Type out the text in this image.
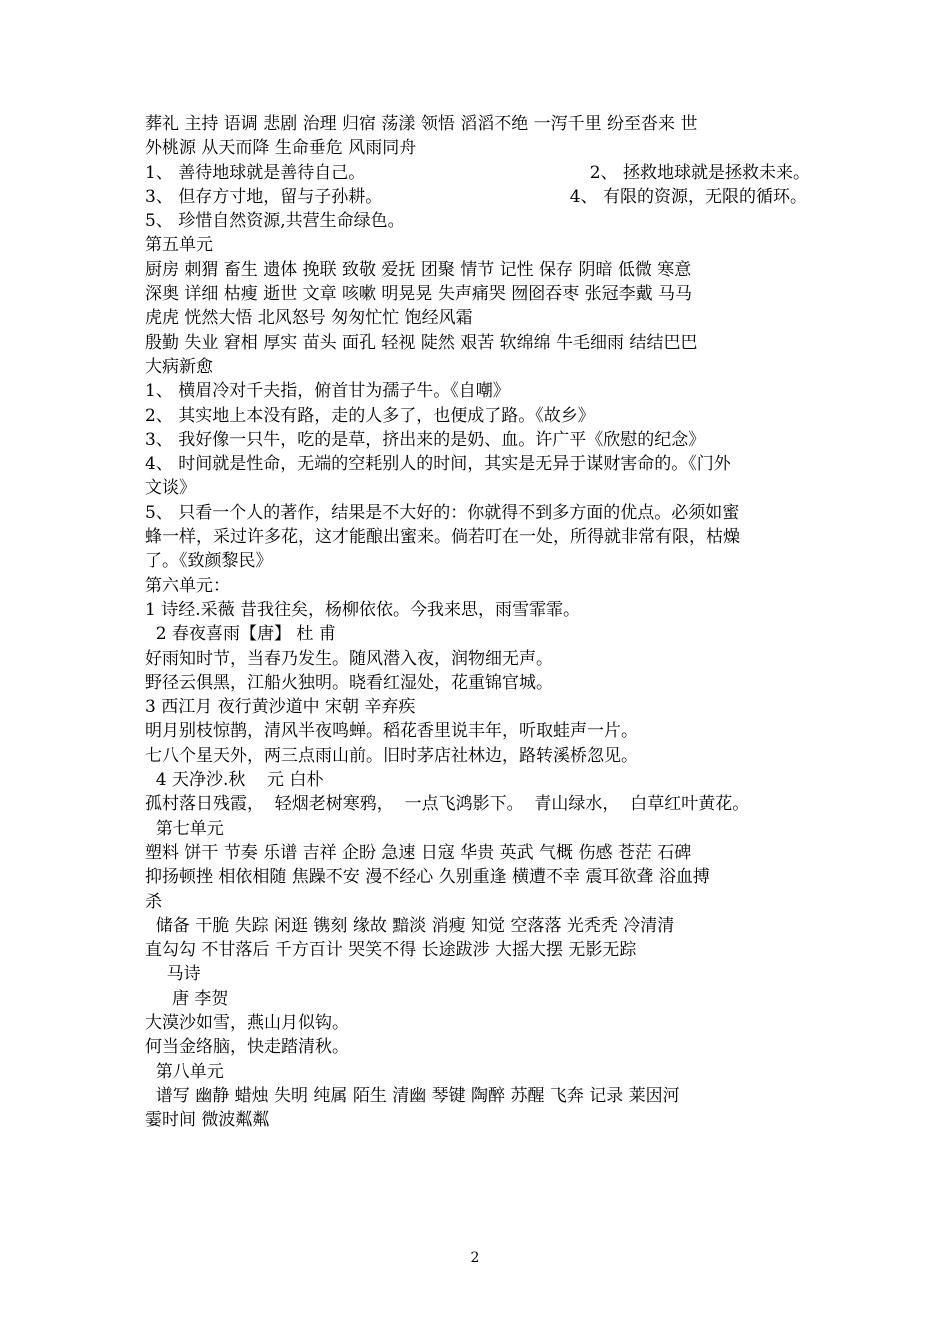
葬礼 主持 语调 悲剧 治理 归宿 荡漾 领悟 滔滔不绝 一泻千里 纷至沓来 世

外桃源 从天而降 生命垂危 风雨同舟

1、 善待地球就是善待自己。	2、 拯救地球就是拯救未来。

3、 但存方寸地，留与子孙耕。	4、 有限的资源，无限的循环。

5、 珍惜自然资源,共营生命绿色。

第五单元

厨房 刺猬 畜生 遗体 挽联 致敬 爱抚 团聚 情节 记性 保存 阴暗 低微 寒意

深奥 详细 枯瘦 逝世 文章 咳嗽 明晃晃 失声痛哭 囫囵吞枣 张冠李戴 马马

虎虎 恍然大悟 北风怒号 匆匆忙忙 饱经风霜

殷勤 失业 窘相 厚实 苗头 面孔 轻视 陡然 艰苦 软绵绵 牛毛细雨 结结巴巴

大病新愈

1、 横眉冷对千夫指，俯首甘为孺子牛。《自嘲》

2、 其实地上本没有路，走的人多了，也便成了路。《故乡》

3、 我好像一只牛，吃的是草，挤出来的是奶、血。许广平《欣慰的纪念》

4、 时间就是性命，无端的空耗别人的时间，其实是无异于谋财害命的。《门外

文谈》

5、 只看一个人的著作，结果是不大好的：你就得不到多方面的优点。必须如蜜

蜂一样，采过许多花，这才能酿出蜜来。倘若叮在一处，所得就非常有限，枯燥

了。《致颜黎民》

第六单元：

1 诗经.采薇 昔我往矣，杨柳依依。今我来思，雨雪霏霏。

2 春夜喜雨【唐】 杜 甫

好雨知时节，当春乃发生。随风潜入夜，润物细无声。

野径云俱黑，江船火独明。晓看红湿处，花重锦官城。

3 西江月 夜行黄沙道中 宋朝 辛弃疾

明月别枝惊鹊，清风半夜鸣蝉。稻花香里说丰年，听取蛙声一片。

七八个星天外，两三点雨山前。旧时茅店社林边，路转溪桥忽见。

4 天净沙.秋    元 白朴

孤村落日残霞，  轻烟老树寒鸦，  一点飞鸿影下。  青山绿水，  白草红叶黄花。

第七单元

塑料 饼干 节奏 乐谱 吉祥 企盼 急速 日寇 华贵 英武 气概 伤感 苍茫 石碑

抑扬顿挫 相依相随 焦躁不安 漫不经心 久别重逢 横遭不幸 震耳欲聋 浴血搏

杀

储备 干脆 失踪 闲逛 镌刻 缘故 黯淡 消瘦 知觉 空落落 光秃秃 冷清清

直勾勾 不甘落后 千方百计 哭笑不得 长途跋涉 大摇大摆 无影无踪

马诗

唐 李贺

大漠沙如雪，燕山月似钩。

何当金络脑，快走踏清秋。

第八单元

谱写 幽静 蜡烛 失明 纯属 陌生 清幽 琴键 陶醉 苏醒 飞奔 记录 莱因河

霎时间 微波粼粼

2
